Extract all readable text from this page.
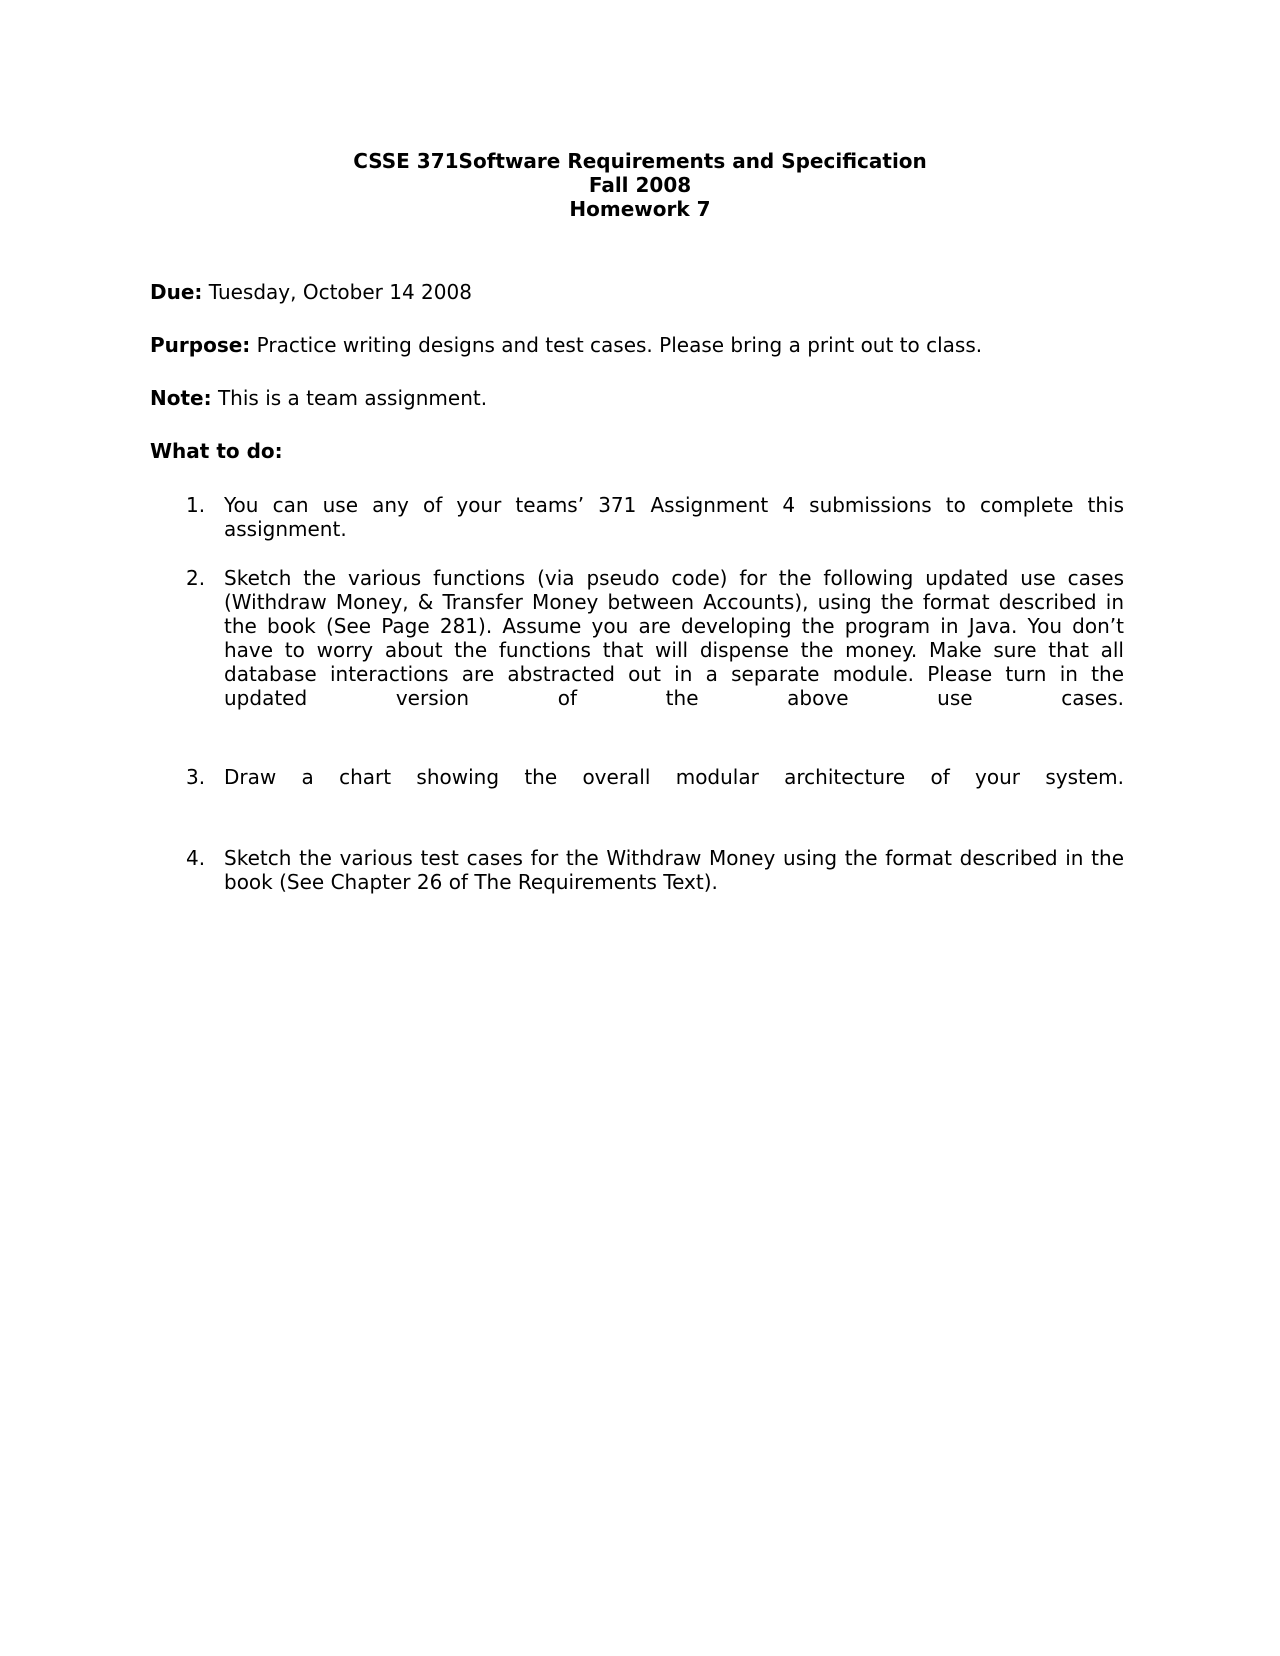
CSSE 371Software Requirements and Specification
Fall 2008
Homework 7
Due: Tuesday, October 14 2008
Purpose: Practice writing designs and test cases. Please bring a print out to class.
Note: This is a team assignment.
What to do:
1. You can use any of your teams’ 371 Assignment 4 submissions to complete this assignment.
2. Sketch the various functions (via pseudo code) for the following updated use cases (Withdraw Money, & Transfer Money between Accounts), using the format described in the book (See Page 281). Assume you are developing the program in Java. You don’t have to worry about the functions that will dispense the money. Make sure that all database interactions are abstracted out in a separate module. Please turn in the updated version of the above use cases.
3. Draw a chart showing the overall modular architecture of your system.
4. Sketch the various test cases for the Withdraw Money using the format described in the book (See Chapter 26 of The Requirements Text).
